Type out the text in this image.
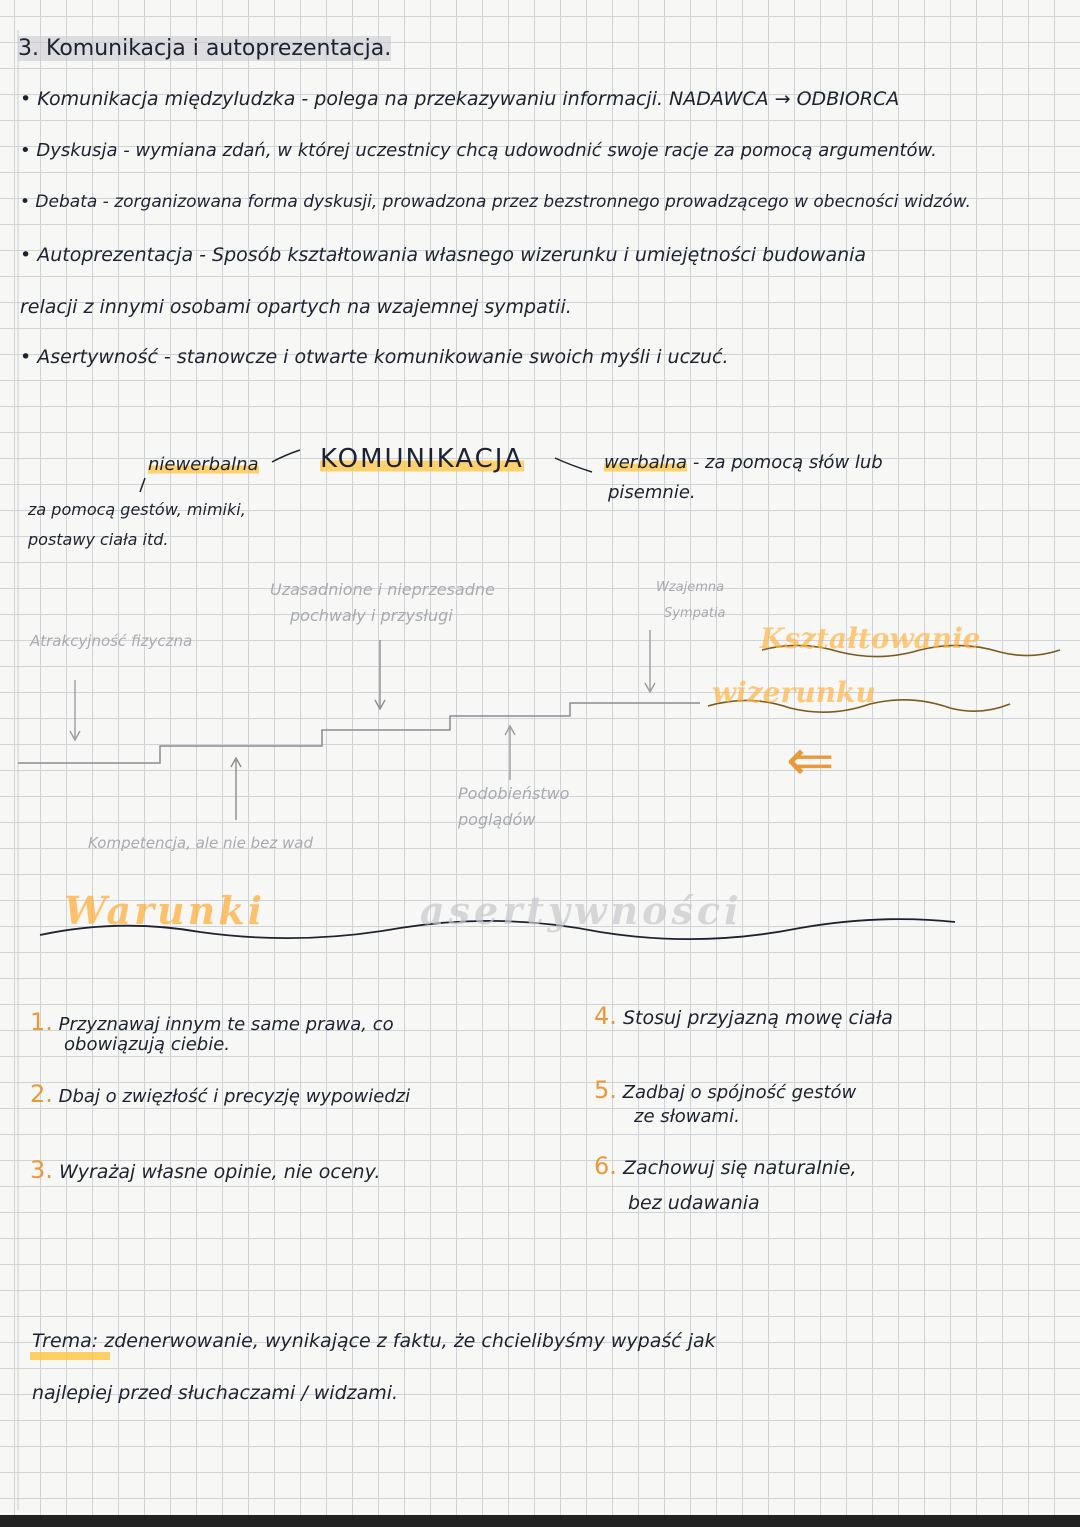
3. Komunikacja i autoprezentacja.
• Komunikacja międzyludzka - polega na przekazywaniu informacji. NADAWCA → ODBIORCA
• Dyskusja - wymiana zdań, w której uczestnicy chcą udowodnić swoje racje za pomocą argumentów.
• Debata - zorganizowana forma dyskusji, prowadzona przez bezstronnego prowadzącego w obecności widzów.
• Autoprezentacja - Sposób kształtowania własnego wizerunku i umiejętności budowania
relacji z innymi osobami opartych na wzajemnej sympatii.
• Asertywność - stanowcze i otwarte komunikowanie swoich myśli i uczuć.
KOMUNIKACJA
niewerbalna
za pomocą gestów, mimiki,
postawy ciała itd.
werbalna - za pomocą słów lub
pisemnie.
Atrakcyjność fizyczna
Uzasadnione i nieprzesadne
pochwały i przysługi
Wzajemna
Sympatia
Podobieństwo
poglądów
Kompetencja, ale nie bez wad
Kształtowanie
wizerunku
⇐
Warunki	asertywności
1. Przyznawaj innym te same prawa, co
obowiązują ciebie.
2. Dbaj o zwięzłość i precyzję wypowiedzi
3. Wyrażaj własne opinie, nie oceny.
4. Stosuj przyjazną mowę ciała
5. Zadbaj o spójność gestów
ze słowami.
6. Zachowuj się naturalnie,
bez udawania
Trema: zdenerwowanie, wynikające z faktu, że chcielibyśmy wypaść jak
najlepiej przed słuchaczami / widzami.
